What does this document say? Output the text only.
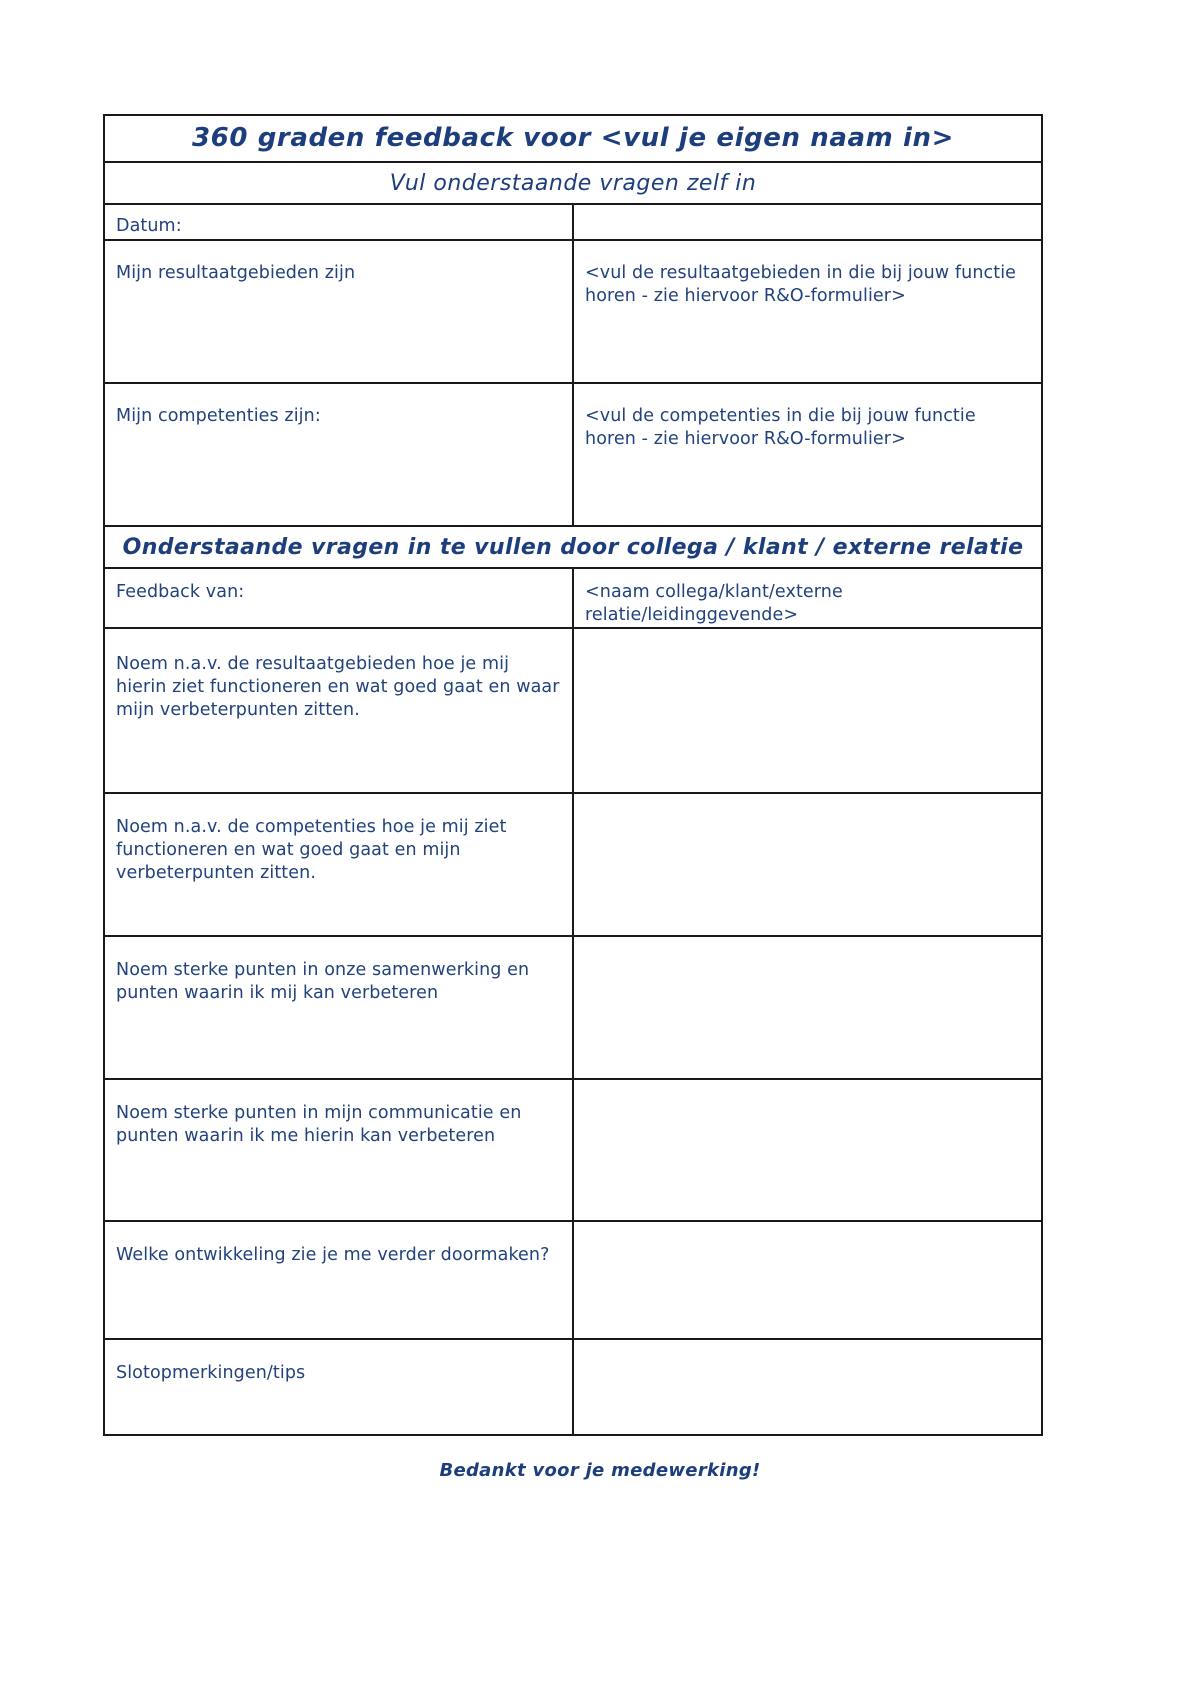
360 graden feedback voor <vul je eigen naam in>	
Vul onderstaande vragen zelf in	

Datum:	

Mijn resultaatgebieden zijn	<vul de resultaatgebieden in die bij jouw functie horen - zie hiervoor R&O-formulier>

Mijn competenties zijn:	<vul de competenties in die bij jouw functie horen - zie hiervoor R&O-formulier>

Onderstaande vragen in te vullen door collega / klant / externe relatie	

Feedback van:	<naam collega/klant/externe relatie/leidinggevende>

Noem n.a.v. de resultaatgebieden hoe je mij hierin ziet functioneren en wat goed gaat en waar mijn verbeterpunten zitten.	

Noem n.a.v. de competenties hoe je mij ziet functioneren en wat goed gaat en mijn verbeterpunten zitten.	

Noem sterke punten in onze samenwerking en punten waarin ik mij kan verbeteren	

Noem sterke punten in mijn communicatie en punten waarin ik me hierin kan verbeteren	

Welke ontwikkeling zie je me verder doormaken?	

Slotopmerkingen/tips	

Bedankt voor je medewerking!
